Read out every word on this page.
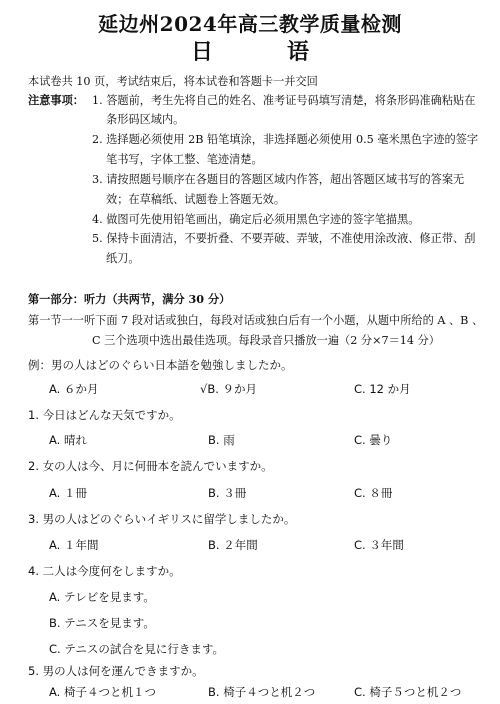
延边州2024年高三教学质量检测
日　语
本试卷共 10 页，考试结束后，将本试卷和答题卡一并交回
注意事项： 1. 答题前，考生先将自己的姓名、准考证号码填写清楚，将条形码准确粘贴在
条形码区域内。
2. 选择题必须使用 2B 铅笔填涂，非选择题必须使用 0.5 毫米黑色字迹的签字
笔书写，字体工整、笔迹清楚。
3. 请按照题号顺序在各题目的答题区域内作答，超出答题区域书写的答案无
效；在草稿纸、试题卷上答题无效。
4. 做图可先使用铅笔画出，确定后必须用黑色字迹的签字笔描黑。
5. 保持卡面清洁，不要折叠、不要弄破、弄皱，不准使用涂改液、修正带、刮
纸刀。
第一部分：听力（共两节，满分 30 分）
第一节一一听下面 7 段对话或独白，每段对话或独白后有一个小题，从题中所给的 A 、B 、
C 三个选项中选出最佳选项。每段录音只播放一遍（2 分×7＝14 分）
例：男の人はどのぐらい日本語を勉強しましたか。
A. ６か月	√B. ９か月	C. 12 か月
1. 今日はどんな天気ですか。
A. 晴れ	B. 雨	C. 曇り
2. 女の人は今、月に何冊本を読んでいますか。
A. １冊	B. ３冊	C. ８冊
3. 男の人はどのぐらいイギリスに留学しましたか。
A. １年間	B. ２年間	C. ３年間
4. 二人は今度何をしますか。
A. テレビを見ます。
B. テニスを見ます。
C. テニスの試合を見に行きます。
5. 男の人は何を運んできますか。
A. 椅子４つと机１つ	B. 椅子４つと机２つ	C. 椅子５つと机２つ
